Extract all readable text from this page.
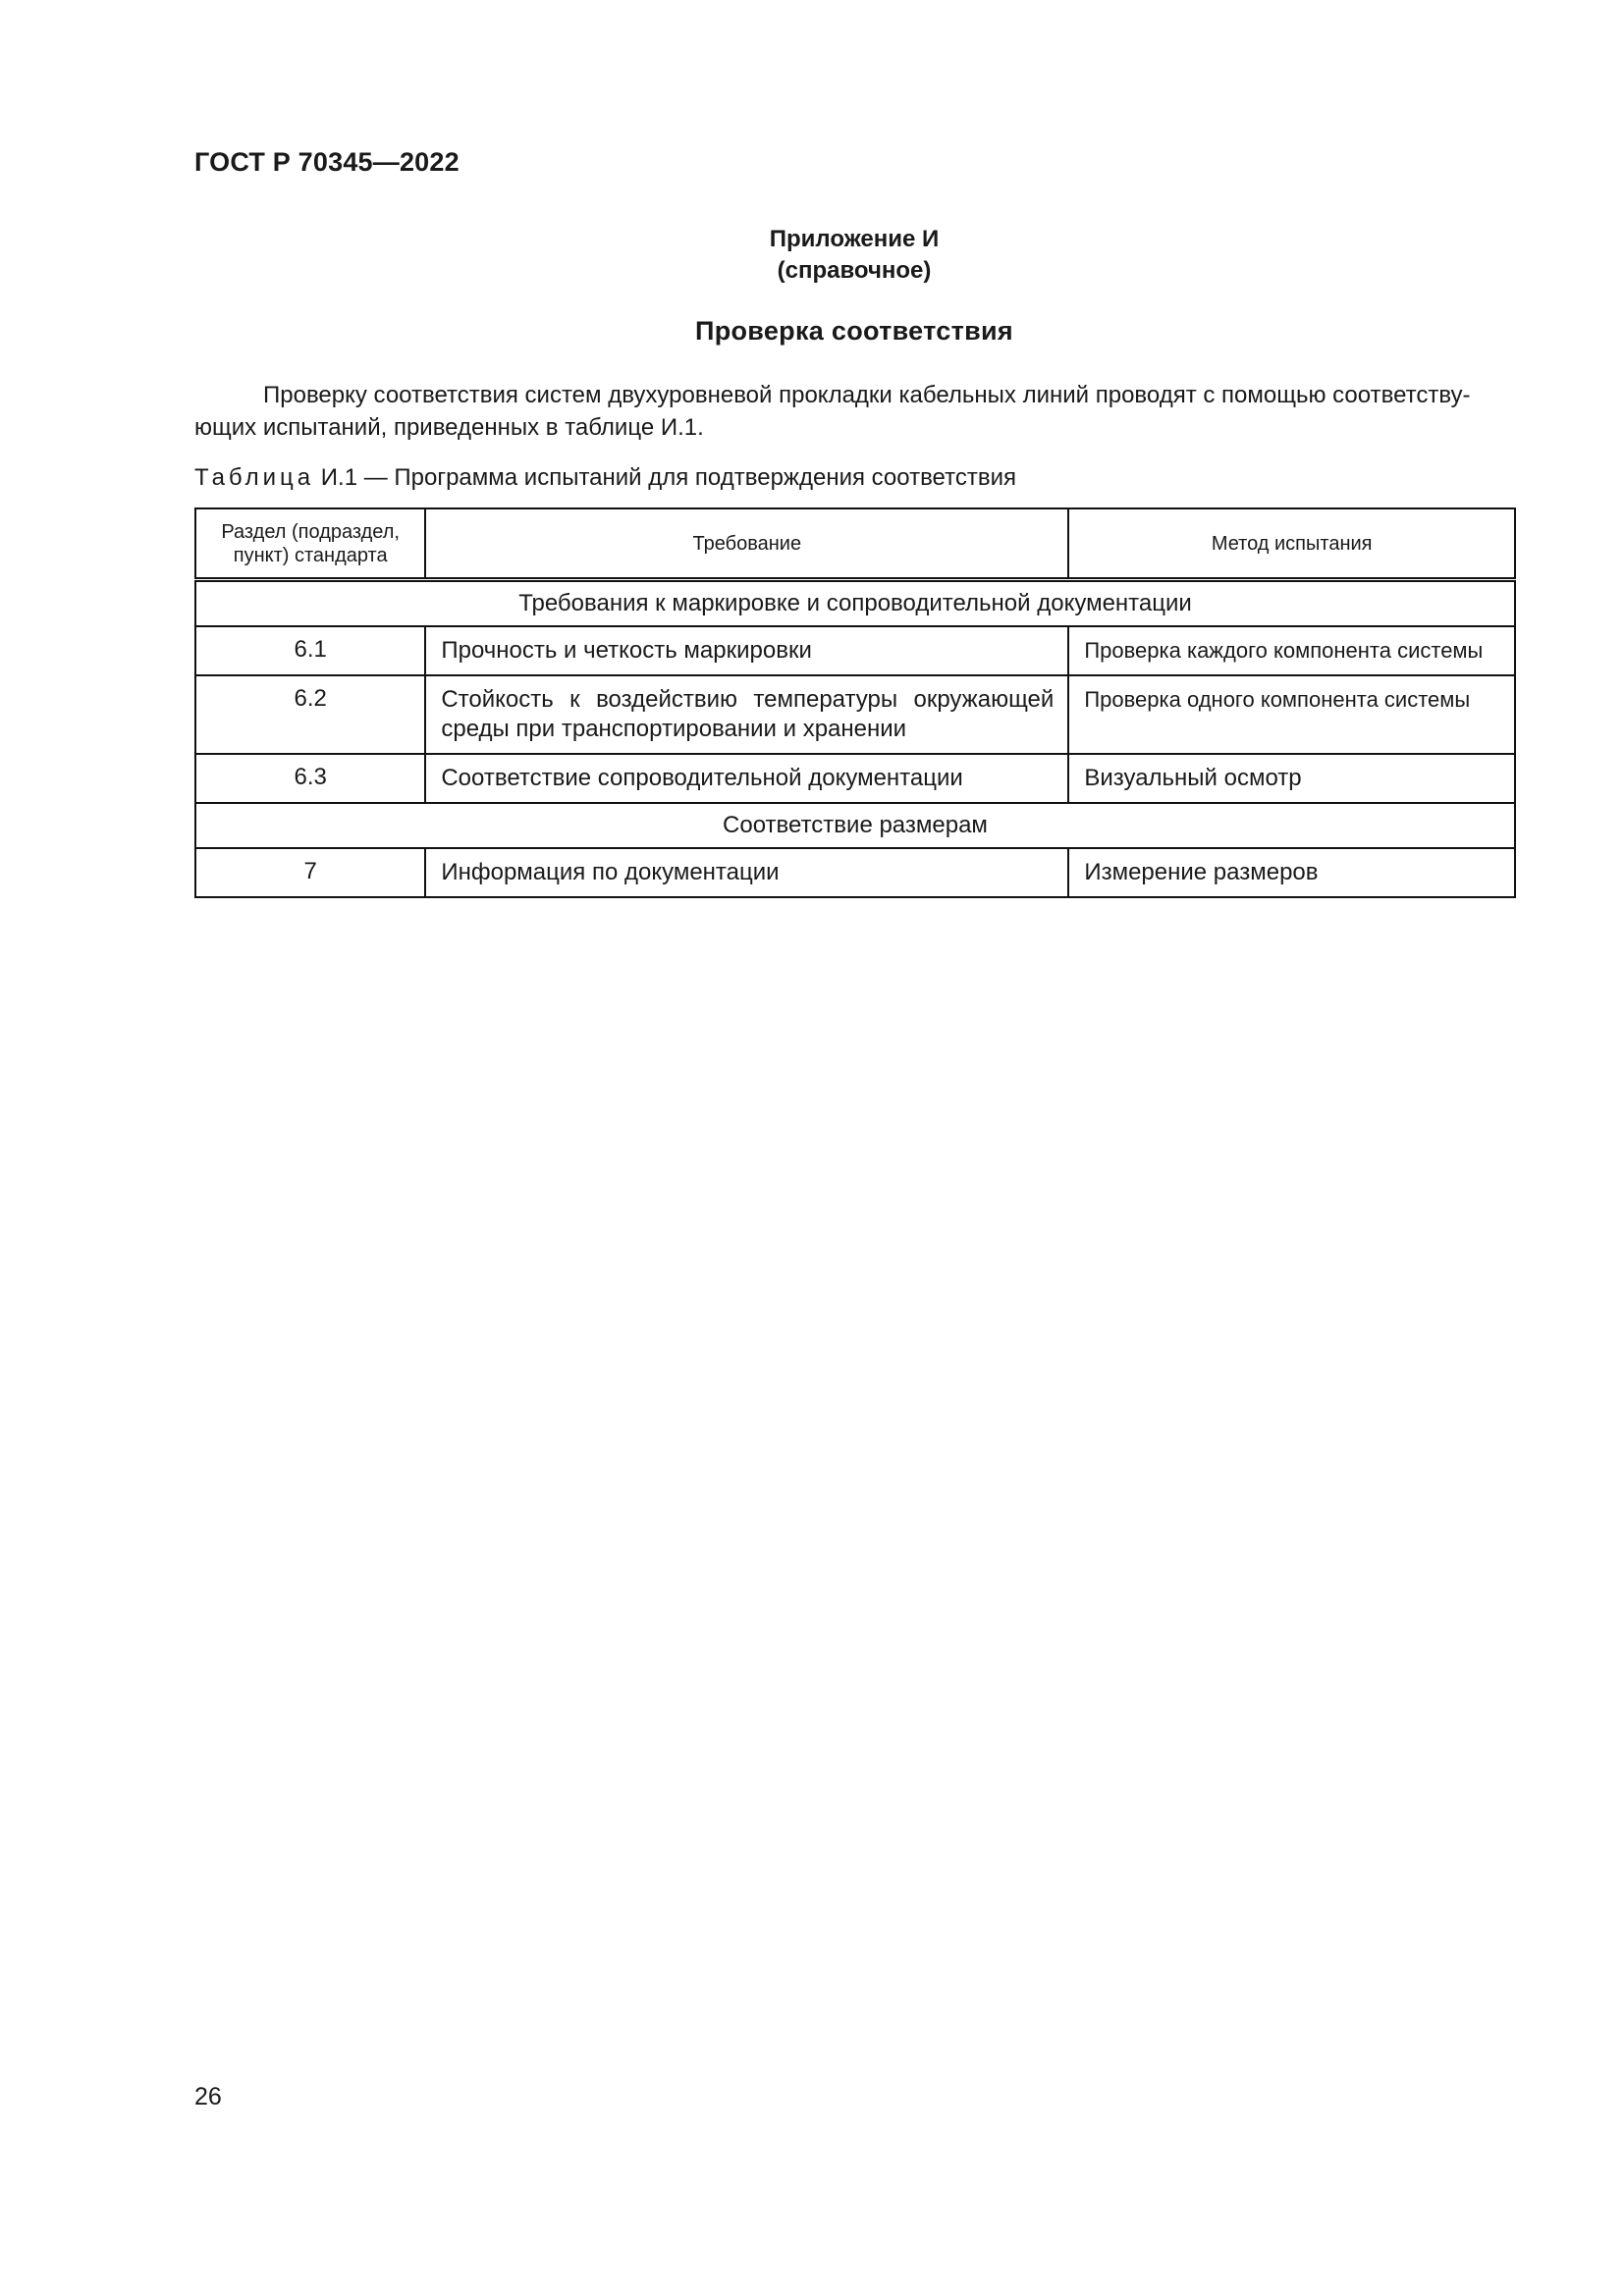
ГОСТ Р 70345—2022
Приложение И
(справочное)
Проверка соответствия

Проверку соответствия систем двухуровневой прокладки кабельных линий проводят с помощью соответству-ющих испытаний, приведенных в таблице И.1.

Таблица И.1 — Программа испытаний для подтверждения соответствия
Раздел (подраздел, пункт) стандарта	Требование	Метод испытания
Требования к маркировке и сопроводительной документации		
6.1	Прочность и четкость маркировки	Проверка каждого компонента системы
6.2	Стойкость к воздействию температуры окружающей среды при транспортировании и хранении	Проверка одного компонента системы
6.3	Соответствие сопроводительной документации	Визуальный осмотр
Соответствие размерам		
7	Информация по документации	Измерение размеров
26
